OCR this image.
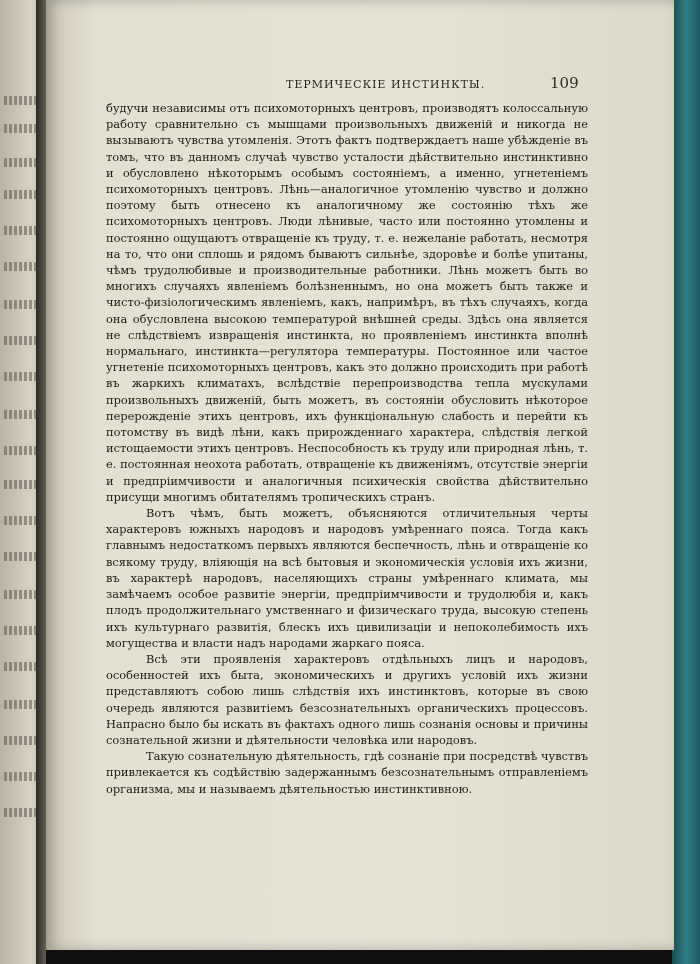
ТЕРМИЧЕСКІЕ ИНСТИНКТЫ.	109

будучи независимы отъ психомоторныхъ центровъ, производятъ колоссальную работу сравнительно съ мышцами произвольныхъ движеній и никогда не вызываютъ чувства утомленія. Этотъ фактъ подтверждаетъ наше убѣжденіе въ томъ, что въ данномъ случаѣ чувство усталости дѣйствительно инстинктивно и обусловлено нѣкоторымъ особымъ состояніемъ, а именно, угнетеніемъ психомоторныхъ центровъ. Лѣнь—аналогичное утомленію чувство и должно поэтому быть отнесено къ аналогичному же состоянію тѣхъ же психомоторныхъ центровъ. Люди лѣнивые, часто или постоянно утомлены и постоянно ощущаютъ отвращеніе къ труду, т. е. нежеланіе работать, несмотря на то, что они сплошь и рядомъ бываютъ сильнѣе, здоровѣе и болѣе упитаны, чѣмъ трудолюбивые и производительные работники. Лѣнь можетъ быть во многихъ случаяхъ явленіемъ болѣзненнымъ, но она можетъ быть также и чисто-физіологическимъ явленіемъ, какъ, напримѣръ, въ тѣхъ случаяхъ, когда она обусловлена высокою температурой внѣшней среды. Здѣсь она является не слѣдствіемъ извращенія инстинкта, но проявленіемъ инстинкта вполнѣ нормальнаго, инстинкта—регулятора температуры. Постоянное или частое угнетеніе психомоторныхъ центровъ, какъ это должно происходить при работѣ въ жаркихъ климатахъ, вслѣдствіе перепроизводства тепла мускулами произвольныхъ движеній, быть можетъ, въ состояніи обусловить нѣкоторое перерожденіе этихъ центровъ, ихъ функціональную слабость и перейти къ потомству въ видѣ лѣни, какъ прирожденнаго характера, слѣдствія легкой истощаемости этихъ центровъ. Неспособность къ труду или природная лѣнь, т. е. постоянная неохота работать, отвращеніе къ движеніямъ, отсутствіе энергіи и предпріимчивости и аналогичныя психическія свойства дѣйствительно присущи многимъ обитателямъ тропическихъ странъ.

Вотъ чѣмъ, быть можетъ, объясняются отличительныя черты характеровъ южныхъ народовъ и народовъ умѣреннаго пояса. Тогда какъ главнымъ недостаткомъ первыхъ являются беспечность, лѣнь и отвращеніе ко всякому труду, вліяющія на всѣ бытовыя и экономическія условія ихъ жизни, въ характерѣ народовъ, населяющихъ страны умѣреннаго климата, мы замѣчаемъ особое развитіе энергіи, предпріимчивости и трудолюбія и, какъ плодъ продолжительнаго умственнаго и физическаго труда, высокую степень ихъ культурнаго развитія, блескъ ихъ цивилизаціи и непоколебимость ихъ могущества и власти надъ народами жаркаго пояса.

Всѣ эти проявленія характеровъ отдѣльныхъ лицъ и народовъ, особенностей ихъ быта, экономическихъ и другихъ условій ихъ жизни представляютъ собою лишь слѣдствія ихъ инстинктовъ, которые въ свою очередь являются развитіемъ безсознательныхъ органическихъ процессовъ. Напрасно было бы искать въ фактахъ одного лишь сознанія основы и причины сознательной жизни и дѣятельности человѣка или народовъ.

Такую сознательную дѣятельность, гдѣ сознаніе при посредствѣ чувствъ привлекается къ содѣйствію задержаннымъ безсознательнымъ отправленіемъ организма, мы и называемъ дѣятельностью инстинктивною.
